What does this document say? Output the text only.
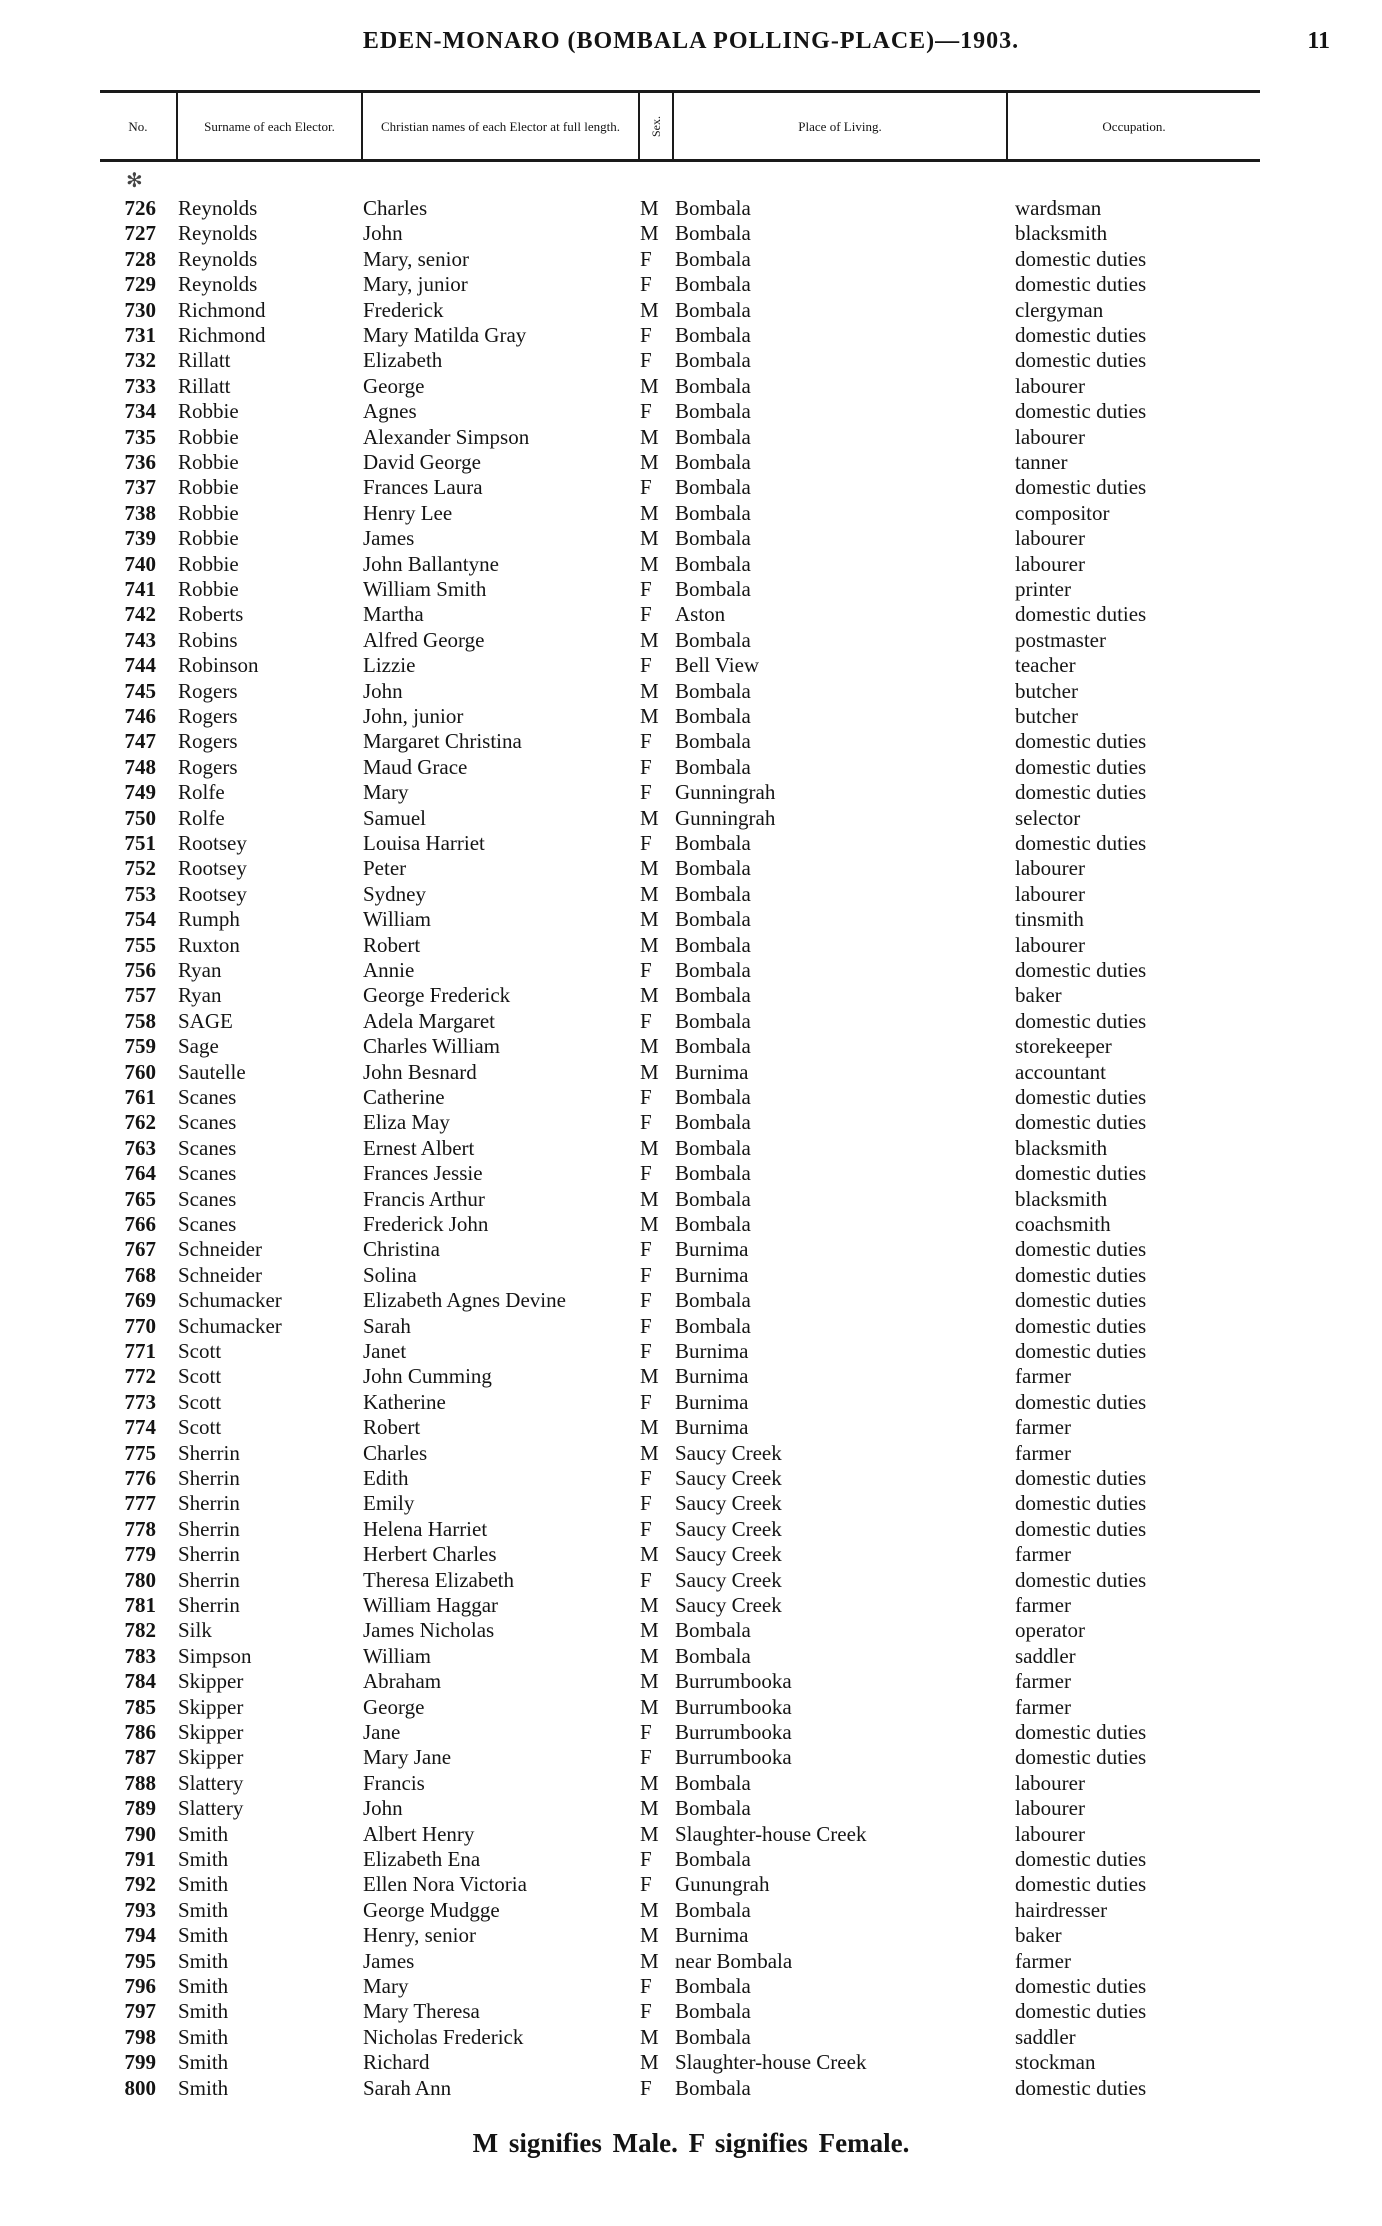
EDEN-MONARO (BOMBALA POLLING-PLACE)—1903.	11
No.	Surname of each Elector.	Christian names of each Elector at full length.	Sex.	Place of Living.	Occupation.
✻
726 Reynolds	Charles	M Bombala	wardsman
727 Reynolds	John	M Bombala	blacksmith
728 Reynolds	Mary, senior	F Bombala	domestic duties
729 Reynolds	Mary, junior	F Bombala	domestic duties
730 Richmond	Frederick	M Bombala	clergyman
731 Richmond	Mary Matilda Gray	F Bombala	domestic duties
732 Rillatt	Elizabeth	F Bombala	domestic duties
733 Rillatt	George	M Bombala	labourer
734 Robbie	Agnes	F Bombala	domestic duties
735 Robbie	Alexander Simpson	M Bombala	labourer
736 Robbie	David George	M Bombala	tanner
737 Robbie	Frances Laura	F Bombala	domestic duties
738 Robbie	Henry Lee	M Bombala	compositor
739 Robbie	James	M Bombala	labourer
740 Robbie	John Ballantyne	M Bombala	labourer
741 Robbie	William Smith	F Bombala	printer
742 Roberts	Martha	F Aston	domestic duties
743 Robins	Alfred George	M Bombala	postmaster
744 Robinson	Lizzie	F Bell View	teacher
745 Rogers	John	M Bombala	butcher
746 Rogers	John, junior	M Bombala	butcher
747 Rogers	Margaret Christina	F Bombala	domestic duties
748 Rogers	Maud Grace	F Bombala	domestic duties
749 Rolfe	Mary	F Gunningrah	domestic duties
750 Rolfe	Samuel	M Gunningrah	selector
751 Rootsey	Louisa Harriet	F Bombala	domestic duties
752 Rootsey	Peter	M Bombala	labourer
753 Rootsey	Sydney	M Bombala	labourer
754 Rumph	William	M Bombala	tinsmith
755 Ruxton	Robert	M Bombala	labourer
756 Ryan	Annie	F Bombala	domestic duties
757 Ryan	George Frederick	M Bombala	baker
758 SAGE	Adela Margaret	F Bombala	domestic duties
759 Sage	Charles William	M Bombala	storekeeper
760 Sautelle	John Besnard	M Burnima	accountant
761 Scanes	Catherine	F Bombala	domestic duties
762 Scanes	Eliza May	F Bombala	domestic duties
763 Scanes	Ernest Albert	M Bombala	blacksmith
764 Scanes	Frances Jessie	F Bombala	domestic duties
765 Scanes	Francis Arthur	M Bombala	blacksmith
766 Scanes	Frederick John	M Bombala	coachsmith
767 Schneider	Christina	F Burnima	domestic duties
768 Schneider	Solina	F Burnima	domestic duties
769 Schumacker	Elizabeth Agnes Devine	F Bombala	domestic duties
770 Schumacker	Sarah	F Bombala	domestic duties
771 Scott	Janet	F Burnima	domestic duties
772 Scott	John Cumming	M Burnima	farmer
773 Scott	Katherine	F Burnima	domestic duties
774 Scott	Robert	M Burnima	farmer
775 Sherrin	Charles	M Saucy Creek	farmer
776 Sherrin	Edith	F Saucy Creek	domestic duties
777 Sherrin	Emily	F Saucy Creek	domestic duties
778 Sherrin	Helena Harriet	F Saucy Creek	domestic duties
779 Sherrin	Herbert Charles	M Saucy Creek	farmer
780 Sherrin	Theresa Elizabeth	F Saucy Creek	domestic duties
781 Sherrin	William Haggar	M Saucy Creek	farmer
782 Silk	James Nicholas	M Bombala	operator
783 Simpson	William	M Bombala	saddler
784 Skipper	Abraham	M Burrumbooka	farmer
785 Skipper	George	M Burrumbooka	farmer
786 Skipper	Jane	F Burrumbooka	domestic duties
787 Skipper	Mary Jane	F Burrumbooka	domestic duties
788 Slattery	Francis	M Bombala	labourer
789 Slattery	John	M Bombala	labourer
790 Smith	Albert Henry	M Slaughter-house Creek	labourer
791 Smith	Elizabeth Ena	F Bombala	domestic duties
792 Smith	Ellen Nora Victoria	F Gunungrah	domestic duties
793 Smith	George Mudgge	M Bombala	hairdresser
794 Smith	Henry, senior	M Burnima	baker
795 Smith	James	M near Bombala	farmer
796 Smith	Mary	F Bombala	domestic duties
797 Smith	Mary Theresa	F Bombala	domestic duties
798 Smith	Nicholas Frederick	M Bombala	saddler
799 Smith	Richard	M Slaughter-house Creek	stockman
800 Smith	Sarah Ann	F Bombala	domestic duties
M signifies Male. F signifies Female.
